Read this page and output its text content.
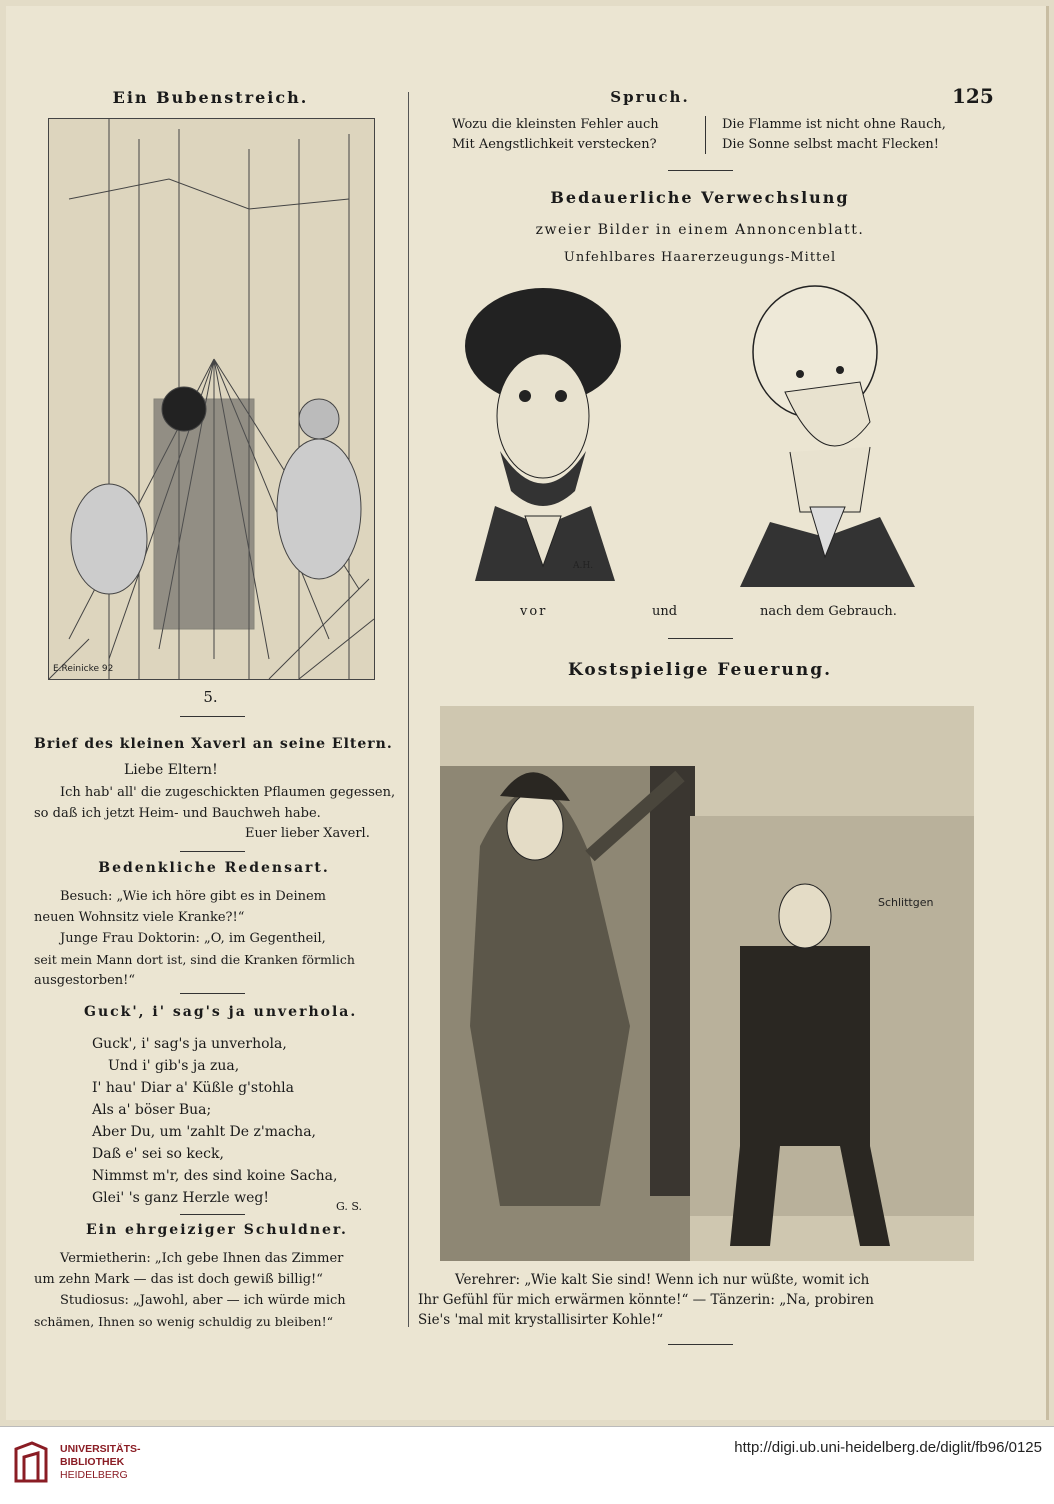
125
Ein Bubenstreich.
E.Reinicke 92
5.
Brief des kleinen Xaverl an seine Eltern.
Liebe Eltern!
Ich hab' all' die zugeschickten Pflaumen gegessen,
so daß ich jetzt Heim- und Bauchweh habe.
Euer lieber Xaverl.
Bedenkliche Redensart.
Besuch: „Wie ich höre gibt es in Deinem
neuen Wohnsitz viele Kranke?!“
Junge Frau Doktorin: „O, im Gegentheil,
seit mein Mann dort ist, sind die Kranken förmlich
ausgestorben!“
Guck', i' sag's ja unverhola.
Guck', i' sag's ja unverhola,
Und i' gib's ja zua,
I' hau' Diar a' Küßle g'stohla
Als a' böser Bua;
Aber Du, um 'zahlt De z'macha,
Daß e' sei so keck,
Nimmst m'r, des sind koine Sacha,
Glei' 's ganz Herzle weg!
G. S.
Ein ehrgeiziger Schuldner.
Vermietherin: „Ich gebe Ihnen das Zimmer
um zehn Mark — das ist doch gewiß billig!“
Studiosus: „Jawohl, aber — ich würde mich
schämen, Ihnen so wenig schuldig zu bleiben!“
Spruch.
Wozu die kleinsten Fehler auch
Mit Aengstlichkeit verstecken?
Die Flamme ist nicht ohne Rauch,
Die Sonne selbst macht Flecken!
Bedauerliche Verwechslung
zweier Bilder in einem Annoncenblatt.
Unfehlbares Haarerzeugungs-Mittel
A.H.
vor	und	nach dem Gebrauch.
Kostspielige Feuerung.
Schlittgen
Verehrer: „Wie kalt Sie sind! Wenn ich nur wüßte, womit ich
Ihr Gefühl für mich erwärmen könnte!“ — Tänzerin: „Na, probiren
Sie's 'mal mit krystallisirter Kohle!“
UNIVERSITÄTS-
BIBLIOTHEK
HEIDELBERG
http://digi.ub.uni-heidelberg.de/diglit/fb96/0125
